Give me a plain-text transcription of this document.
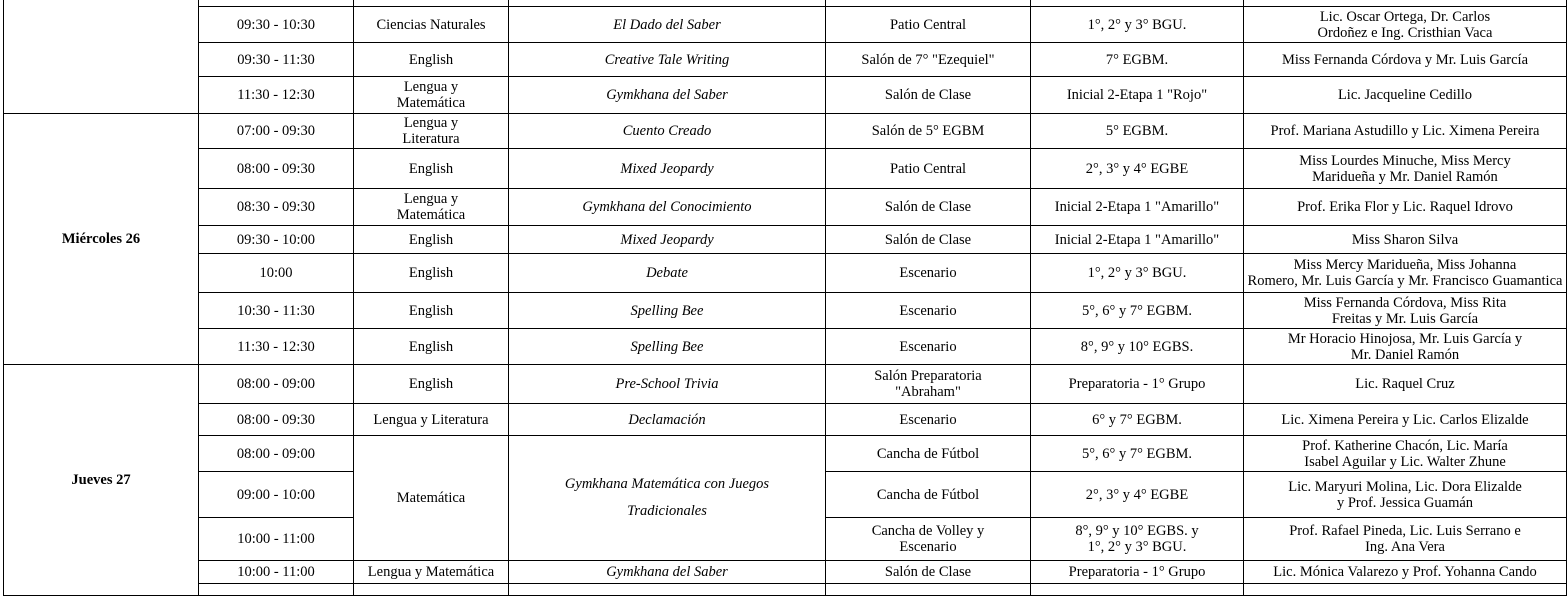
	09:30 - 10:30	Ciencias Naturales	El Dado del Saber	Patio Central	1°, 2° y 3° BGU.	Lic. Oscar Ortega, Dr. Carlos
Ordoñez e Ing. Cristhian Vaca

	09:30 - 11:30	English	Creative Tale Writing	Salón de 7° "Ezequiel"	7° EGBM.	Miss Fernanda Córdova y Mr. Luis García

	11:30 - 12:30	Lengua y
Matemática	Gymkhana del Saber	Salón de Clase	Inicial 2-Etapa 1 "Rojo"	Lic. Jacqueline Cedillo

Miércoles 26	07:00 - 09:30	Lengua y
Literatura	Cuento Creado	Salón de 5° EGBM	5° EGBM.	Prof. Mariana Astudillo y Lic. Ximena Pereira

	08:00 - 09:30	English	Mixed Jeopardy	Patio Central	2°, 3° y 4° EGBE	Miss Lourdes Minuche, Miss Mercy
Maridueña y Mr. Daniel Ramón

	08:30 - 09:30	Lengua y
Matemática	Gymkhana del Conocimiento	Salón de Clase	Inicial 2-Etapa 1 "Amarillo"	Prof. Erika Flor y Lic. Raquel Idrovo

	09:30 - 10:00	English	Mixed Jeopardy	Salón de Clase	Inicial 2-Etapa 1 "Amarillo"	Miss Sharon Silva

	10:00	English	Debate	Escenario	1°, 2° y 3° BGU.	Miss Mercy Maridueña, Miss Johanna
Romero, Mr. Luis García y Mr. Francisco Guamantica

	10:30 - 11:30	English	Spelling Bee	Escenario	5°, 6° y 7° EGBM.	Miss Fernanda Córdova, Miss Rita
Freitas y Mr. Luis García

	11:30 - 12:30	English	Spelling Bee	Escenario	8°, 9° y 10° EGBS.	Mr Horacio Hinojosa, Mr. Luis García y
Mr. Daniel Ramón

Jueves 27	08:00 - 09:00	English	Pre-School Trivia	Salón Preparatoria
"Abraham"	Preparatoria - 1° Grupo	Lic. Raquel Cruz

	08:00 - 09:30	Lengua y Literatura	Declamación	Escenario	6° y 7° EGBM.	Lic. Ximena Pereira y Lic. Carlos Elizalde

	08:00 - 09:00	Matemática	Gymkhana Matemática con Juegos
Tradicionales	Cancha de Fútbol	5°, 6° y 7° EGBM.	Prof. Katherine Chacón, Lic. María
Isabel Aguilar y Lic. Walter Zhune

	09:00 - 10:00			Cancha de Fútbol	2°, 3° y 4° EGBE	Lic. Maryuri Molina, Lic. Dora Elizalde
y Prof. Jessica Guamán

	10:00 - 11:00			Cancha de Volley y
Escenario	8°, 9° y 10° EGBS. y
1°, 2° y 3° BGU.	Prof. Rafael Pineda, Lic. Luis Serrano e
Ing. Ana Vera

	10:00 - 11:00	Lengua y Matemática	Gymkhana del Saber	Salón de Clase	Preparatoria - 1° Grupo	Lic. Mónica Valarezo y Prof. Yohanna Cando
